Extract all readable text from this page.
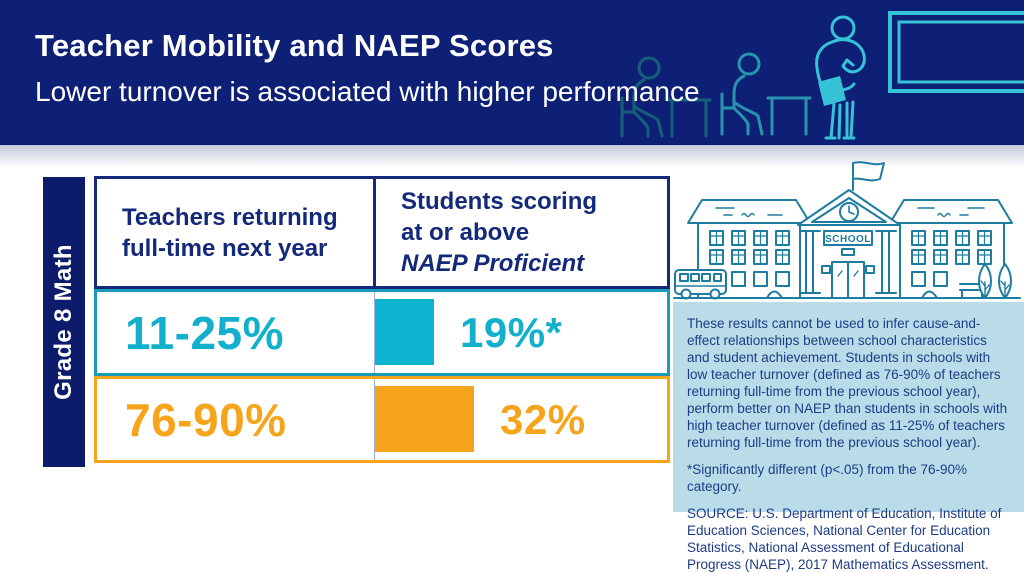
Teacher Mobility and NAEP Scores
Lower turnover is associated with higher performance
Grade 8 Math
Teachers returning
full-time next year
Students scoring
at or above
NAEP Proficient
11-25%	19%*
76-90%	32%
SCHOOL

These results cannot be used to infer cause-and-effect relationships between school characteristics and student achievement. Students in schools with low teacher turnover (defined as 76-90% of teachers returning full-time from the previous school year), perform better on NAEP than students in schools with high teacher turnover (defined as 11-25% of teachers returning full-time from the previous school year).

*Significantly different (p<.05) from the 76-90% category.

SOURCE: U.S. Department of Education, Institute of Education Sciences, National Center for Education Statistics, National Assessment of Educational Progress (NAEP), 2017 Mathematics Assessment.
